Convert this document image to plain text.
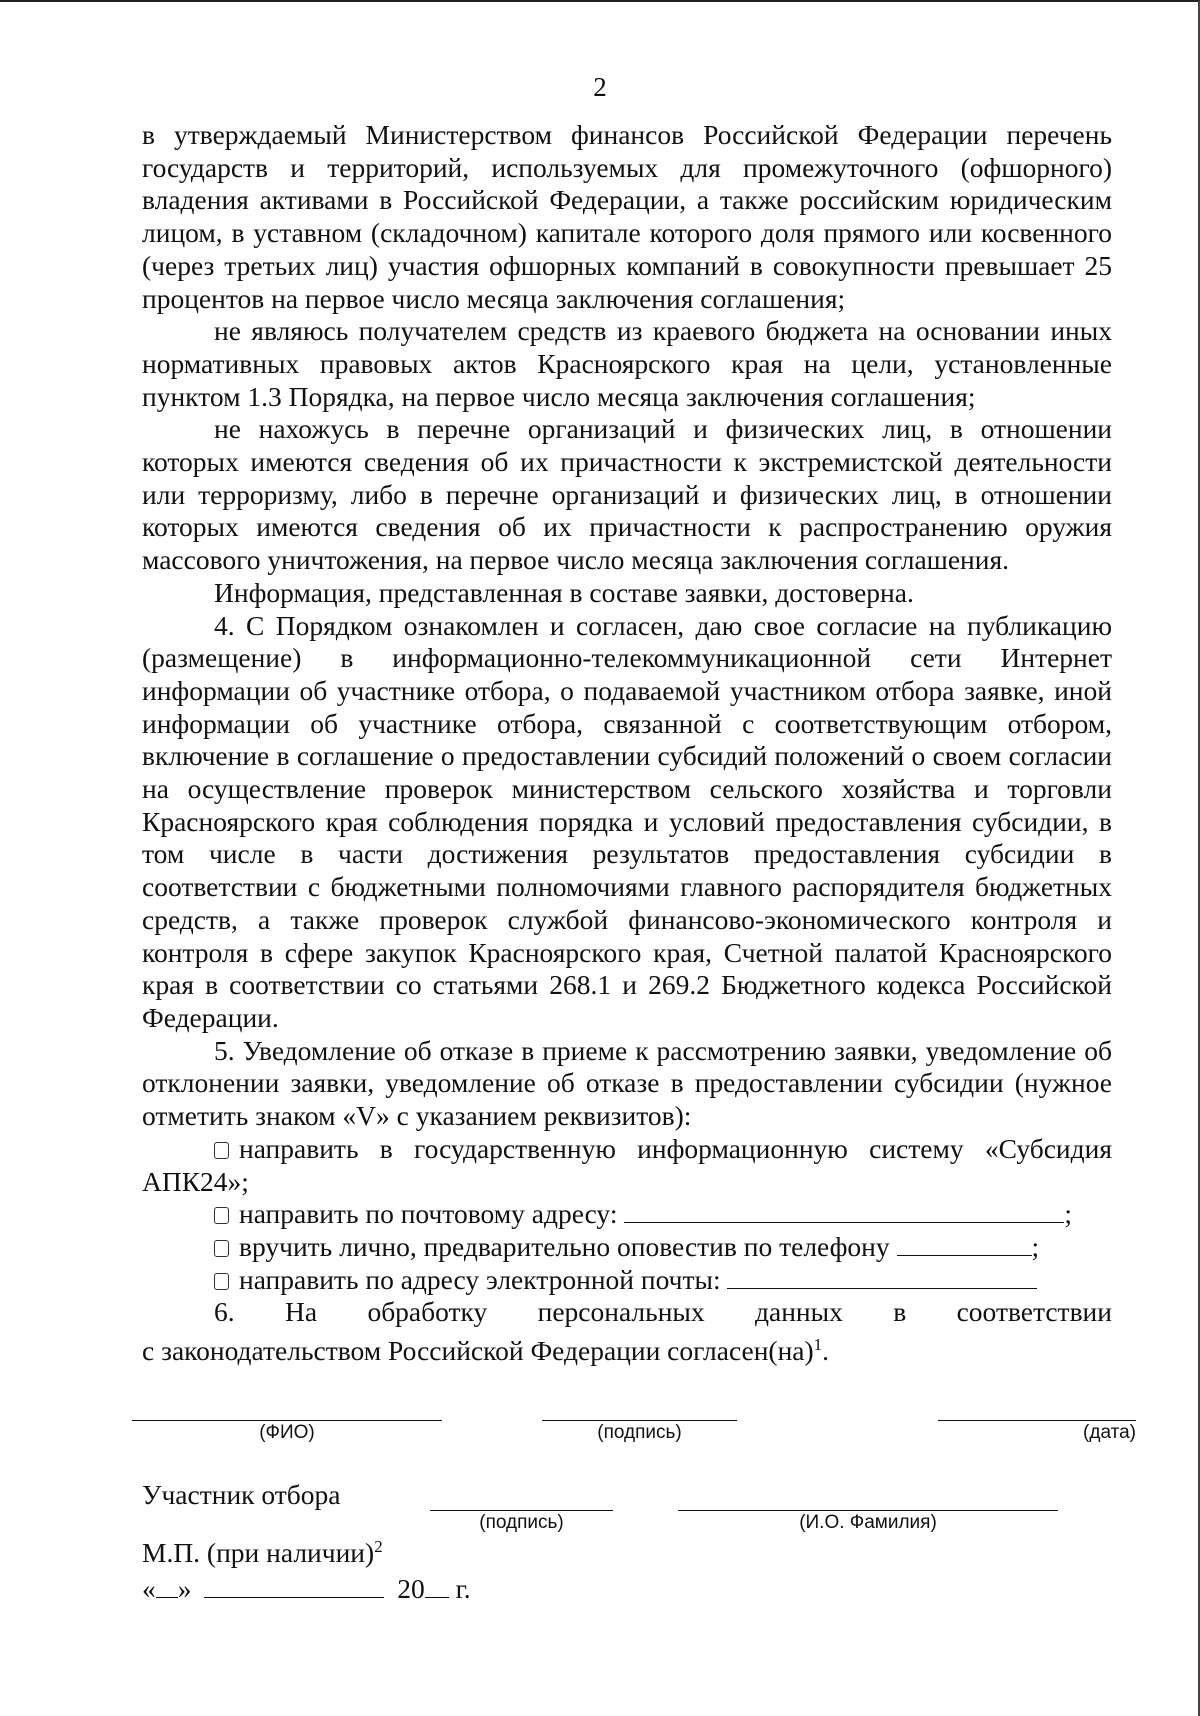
2

в утверждаемый Министерством финансов Российской Федерации перечень государств и территорий, используемых для промежуточного (офшорного) владения активами в Российской Федерации, а также российским юридическим лицом, в уставном (складочном) капитале которого доля прямого или косвенного (через третьих лиц) участия офшорных компаний в совокупности превышает 25 процентов на первое число месяца заключения соглашения;

не являюсь получателем средств из краевого бюджета на основании иных нормативных правовых актов Красноярского края на цели, установленные пунктом 1.3 Порядка, на первое число месяца заключения соглашения;

не нахожусь в перечне организаций и физических лиц, в отношении которых имеются сведения об их причастности к экстремистской деятельности или терроризму, либо в перечне организаций и физических лиц, в отношении которых имеются сведения об их причастности к распространению оружия массового уничтожения, на первое число месяца заключения соглашения.

Информация, представленная в составе заявки, достоверна.

4. С Порядком ознакомлен и согласен, даю свое согласие на публикацию (размещение) в информационно-телекоммуникационной сети Интернет информации об участнике отбора, о подаваемой участником отбора заявке, иной информации об участнике отбора, связанной с соответствующим отбором, включение в соглашение о предоставлении субсидий положений о своем согласии на осуществление проверок министерством сельского хозяйства и торговли Красноярского края соблюдения порядка и условий предоставления субсидии, в том числе в части достижения результатов предоставления субсидии в соответствии с бюджетными полномочиями главного распорядителя бюджетных средств, а также проверок службой финансово-экономического контроля и контроля в сфере закупок Красноярского края, Счетной палатой Красноярского края в соответствии со статьями 268.1 и 269.2 Бюджетного кодекса Российской Федерации.

5. Уведомление об отказе в приеме к рассмотрению заявки, уведомление об отклонении заявки, уведомление об отказе в предоставлении субсидии (нужное отметить знаком «V» с указанием реквизитов):

направить в государственную информационную систему «Субсидия АПК24»;

направить по почтовому адресу:	;

вручить лично, предварительно оповестив по телефону	;

направить по адресу электронной почты:

6. На обработку персональных данных в соответствии

с законодательством Российской Федерации согласен(на)$^1$.

(ФИО)	(подпись)	(дата)
Участник отбора
(подпись)	(И.О. Фамилия)
М.П. (при наличии)$^2$
« »	20 г.
